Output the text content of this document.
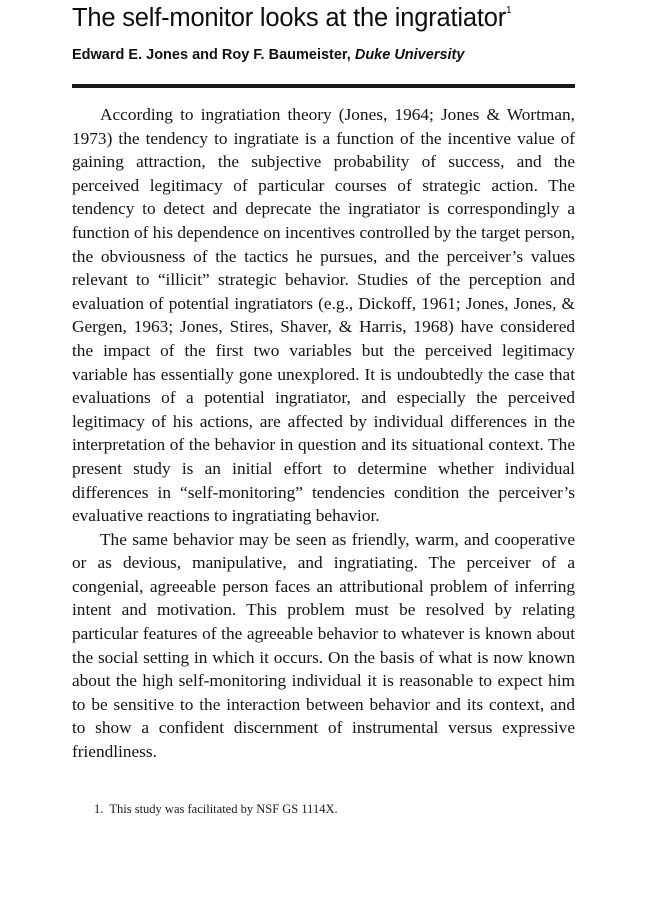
The self-monitor looks at the ingratiator$^1$
Edward E. Jones and Roy F. Baumeister, Duke University

According to ingratiation theory (Jones, 1964; Jones & Wortman, 1973) the tendency to ingratiate is a function of the incentive value of gaining attraction, the subjective probability of success, and the perceived legitimacy of particular courses of strategic action. The tendency to detect and deprecate the ingratiator is correspondingly a function of his dependence on incentives controlled by the target person, the obviousness of the tactics he pursues, and the perceiver’s values relevant to “illicit” strategic behavior. Studies of the perception and evaluation of potential ingratiators (e.g., Dickoff, 1961; Jones, Jones, & Gergen, 1963; Jones, Stires, Shaver, & Harris, 1968) have considered the impact of the first two variables but the perceived legitimacy variable has essentially gone unexplored. It is undoubtedly the case that evaluations of a potential ingratiator, and especially the perceived legitimacy of his actions, are affected by individual differences in the interpretation of the behavior in question and its situational context. The present study is an initial effort to determine whether individual differences in “self-monitoring” tendencies condition the perceiver’s evaluative reactions to ingratiating behavior.

The same behavior may be seen as friendly, warm, and cooperative or as devious, manipulative, and ingratiating. The perceiver of a congenial, agreeable person faces an attributional problem of inferring intent and motivation. This problem must be resolved by relating particular features of the agreeable behavior to whatever is known about the social setting in which it occurs. On the basis of what is now known about the high self-monitoring individual it is reasonable to expect him to be sensitive to the interaction between behavior and its context, and to show a confident discernment of instrumental versus expressive friendliness.

1. This study was facilitated by NSF GS 1114X.
